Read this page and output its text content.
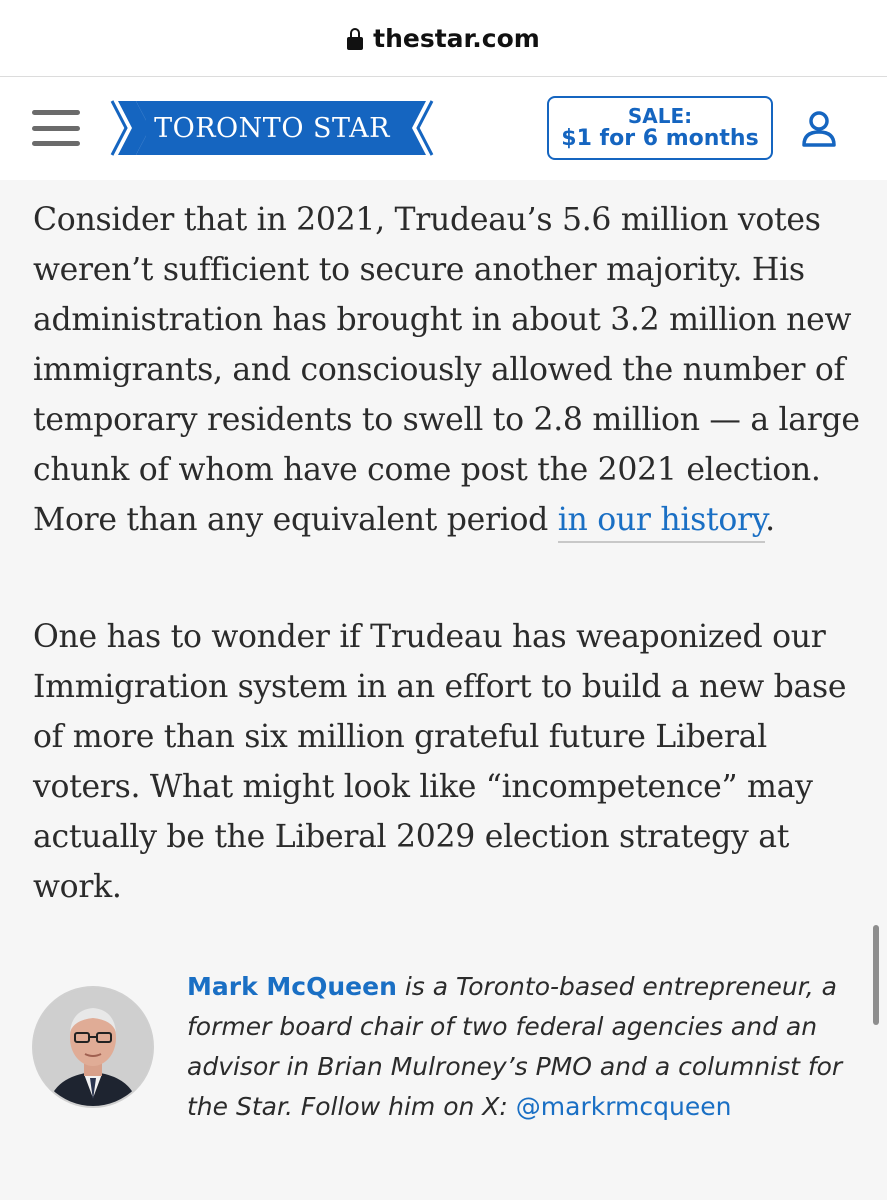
thestar.com
TORONTO STAR	SALE:
$1 for 6 months

Consider that in 2021, Trudeau’s 5.6 million votes weren’t sufficient to secure another majority. His administration has brought in about 3.2 million new immigrants, and consciously allowed the number of temporary residents to swell to 2.8 million — a large chunk of whom have come post the 2021 election. More than any equivalent period in our history.

One has to wonder if Trudeau has weaponized our Immigration system in an effort to build a new base of more than six million grateful future Liberal voters. What might look like “incompetence” may actually be the Liberal 2029 election strategy at work.

Mark McQueen is a Toronto-based entrepreneur, a former board chair of two federal agencies and an advisor in Brian Mulroney’s PMO and a columnist for the Star. Follow him on X: @markrmcqueen
